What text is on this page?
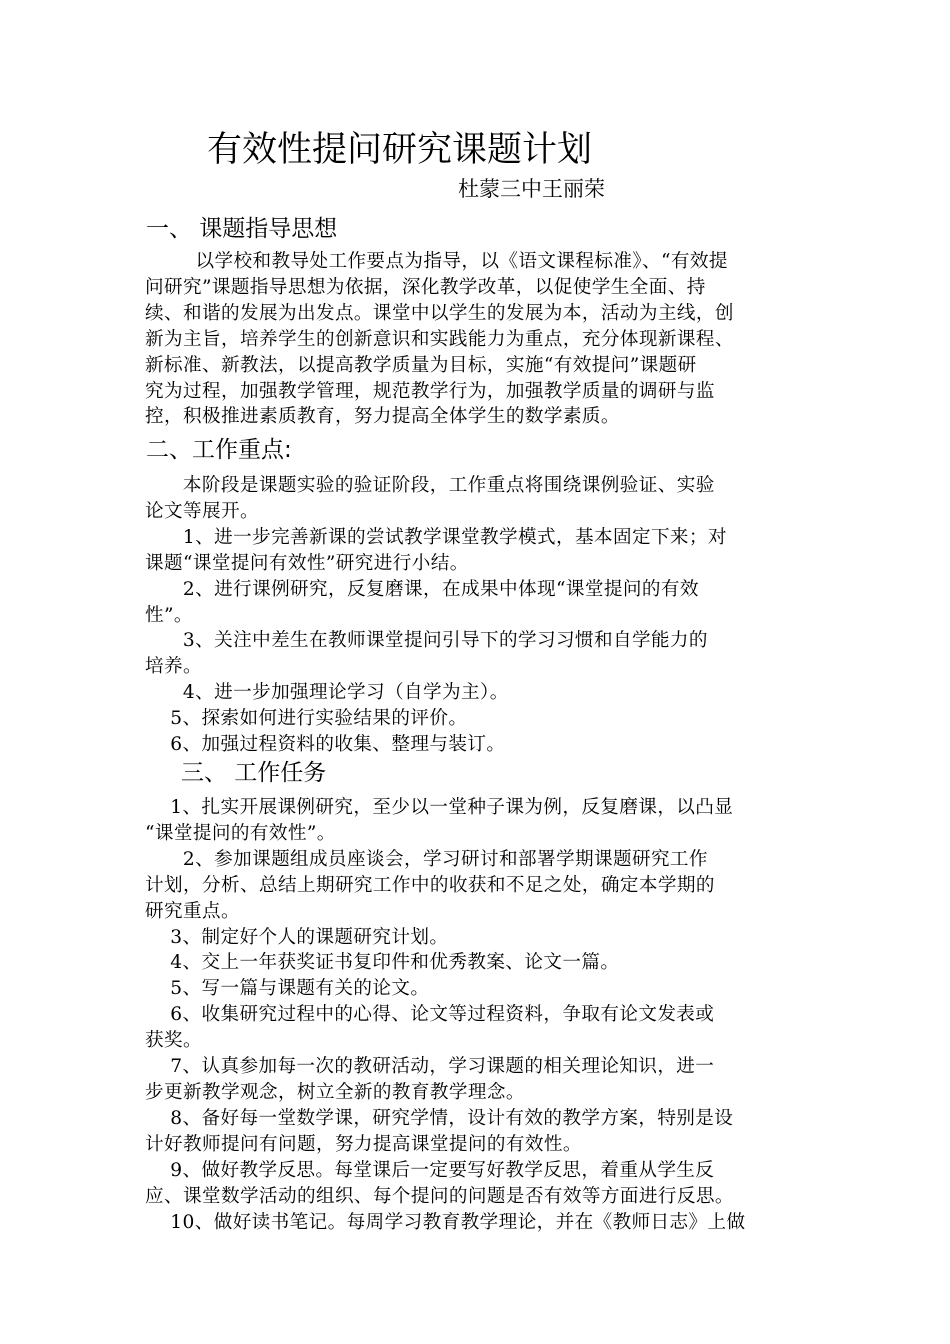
有效性提问研究课题计划
杜蒙三中王丽荣
一、 课题指导思想
以学校和教导处工作要点为指导，以《语文课程标准》、“有效提
问研究”课题指导思想为依据，深化教学改革，以促使学生全面、持
续、和谐的发展为出发点。课堂中以学生的发展为本，活动为主线，创
新为主旨，培养学生的创新意识和实践能力为重点，充分体现新课程、
新标准、新教法，以提高教学质量为目标，实施“有效提问”课题研
究为过程，加强教学管理，规范教学行为，加强教学质量的调研与监
控，积极推进素质教育，努力提高全体学生的数学素质。
二、工作重点:
本阶段是课题实验的验证阶段，工作重点将围绕课例验证、实验
论文等展开。
1、进一步完善新课的尝试教学课堂教学模式，基本固定下来；对
课题“课堂提问有效性”研究进行小结。
2、进行课例研究，反复磨课，在成果中体现“课堂提问的有效
性”。
3、关注中差生在教师课堂提问引导下的学习习惯和自学能力的
培养。
4、进一步加强理论学习（自学为主）。
5、探索如何进行实验结果的评价。
6、加强过程资料的收集、整理与装订。
三、 工作任务
1、扎实开展课例研究，至少以一堂种子课为例，反复磨课，以凸显
“课堂提问的有效性”。
2、参加课题组成员座谈会，学习研讨和部署学期课题研究工作
计划，分析、总结上期研究工作中的收获和不足之处，确定本学期的
研究重点。
3、制定好个人的课题研究计划。
4、交上一年获奖证书复印件和优秀教案、论文一篇。
5、写一篇与课题有关的论文。
6、收集研究过程中的心得、论文等过程资料，争取有论文发表或
获奖。
7、认真参加每一次的教研活动，学习课题的相关理论知识，进一
步更新教学观念，树立全新的教育教学理念。
8、备好每一堂数学课，研究学情，设计有效的教学方案，特别是设
计好教师提问有问题，努力提高课堂提问的有效性。
9、做好教学反思。每堂课后一定要写好教学反思，着重从学生反
应、课堂数学活动的组织、每个提问的问题是否有效等方面进行反思。
10、做好读书笔记。每周学习教育教学理论，并在《教师日志》上做
